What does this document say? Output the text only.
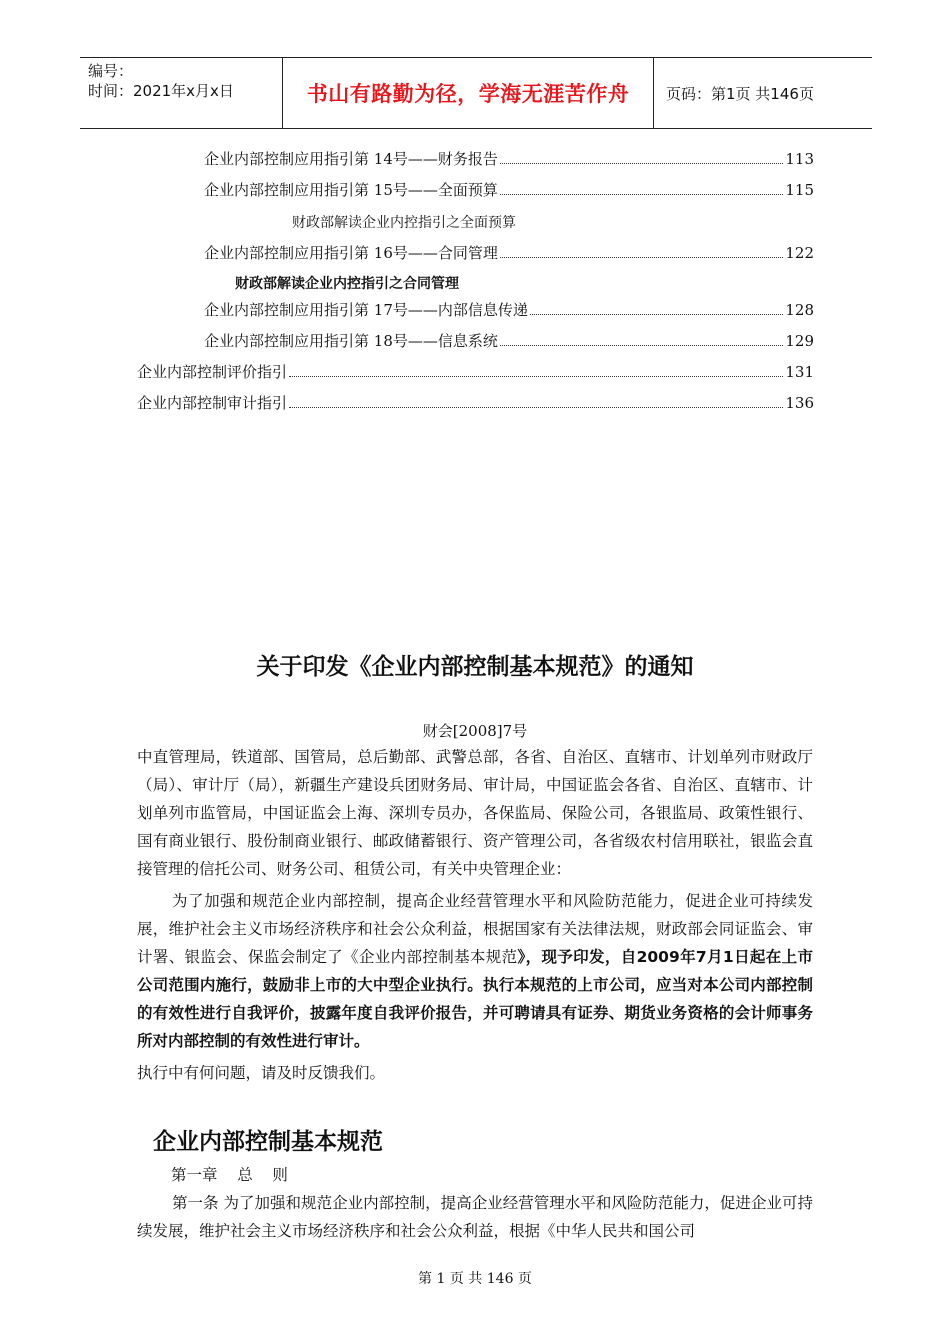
编号：
时间：2021年x月x日	书山有路勤为径，学海无涯苦作舟	页码：第1页 共146页
企业内部控制应用指引第 14号——财务报告	113
企业内部控制应用指引第 15号——全面预算	115
财政部解读企业内控指引之全面预算
企业内部控制应用指引第 16号——合同管理	122
财政部解读企业内控指引之合同管理
企业内部控制应用指引第 17号——内部信息传递	128
企业内部控制应用指引第 18号——信息系统	129
企业内部控制评价指引	131
企业内部控制审计指引	136
关于印发《企业内部控制基本规范》的通知
财会[2008]7号
中直管理局，铁道部、国管局，总后勤部、武警总部，各省、自治区、直辖市、计划单列市财政厅（局）、审计厅（局），新疆生产建设兵团财务局、审计局，中国证监会各省、自治区、直辖市、计划单列市监管局，中国证监会上海、深圳专员办，各保监局、保险公司，各银监局、政策性银行、国有商业银行、股份制商业银行、邮政储蓄银行、资产管理公司，各省级农村信用联社，银监会直接管理的信托公司、财务公司、租赁公司，有关中央管理企业：
为了加强和规范企业内部控制，提高企业经营管理水平和风险防范能力，促进企业可持续发展，维护社会主义市场经济秩序和社会公众利益，根据国家有关法律法规，财政部会同证监会、审计署、银监会、保监会制定了《企业内部控制基本规范》，现予印发，自2009年7月1日起在上市公司范围内施行，鼓励非上市的大中型企业执行。执行本规范的上市公司，应当对本公司内部控制的有效性进行自我评价，披露年度自我评价报告，并可聘请具有证券、期货业务资格的会计师事务所对内部控制的有效性进行审计。
执行中有何问题，请及时反馈我们。
企业内部控制基本规范
第一章    总    则
第一条 为了加强和规范企业内部控制，提高企业经营管理水平和风险防范能力，促进企业可持续发展，维护社会主义市场经济秩序和社会公众利益，根据《中华人民共和国公司
第 1 页 共 146 页
